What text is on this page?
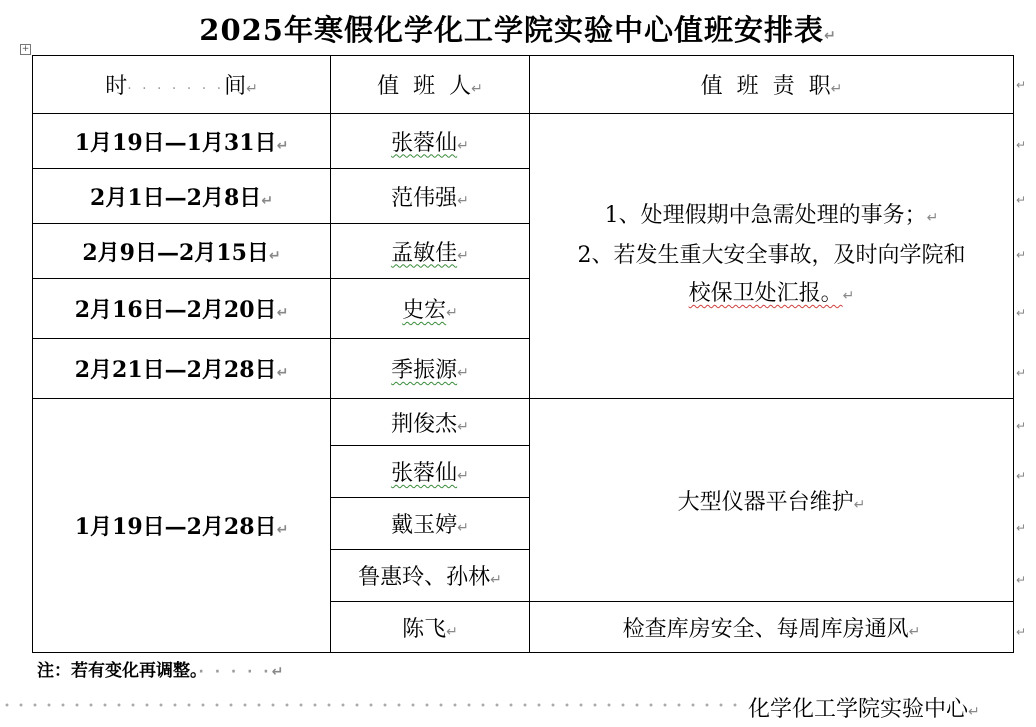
2025年寒假化学化工学院实验中心值班安排表↵
+
时· · · · · · ·间↵	值  班  人↵	值  班  责  职↵
1月19日—1月31日↵	张蓉仙↵	1、处理假期中急需处理的事务；↵
2、若发生重大安全事故，及时向学院和
校保卫处汇报。↵

2月1日—2月8日↵	范伟强↵	
2月9日—2月15日↵	孟敏佳↵	
2月16日—2月20日↵	史宏↵	
2月21日—2月28日↵	季振源↵	
1月19日—2月28日↵	荆俊杰↵	大型仪器平台维护↵
	张蓉仙↵	
	戴玉婷↵	
	鲁惠玲、孙林↵	
	陈飞↵	检查库房安全、每周库房通风↵
↵
↵
↵
↵
↵
↵
↵
↵
↵
↵
↵
注：若有变化再调整。· · · · ·↵
化学化工学院实验中心↵
